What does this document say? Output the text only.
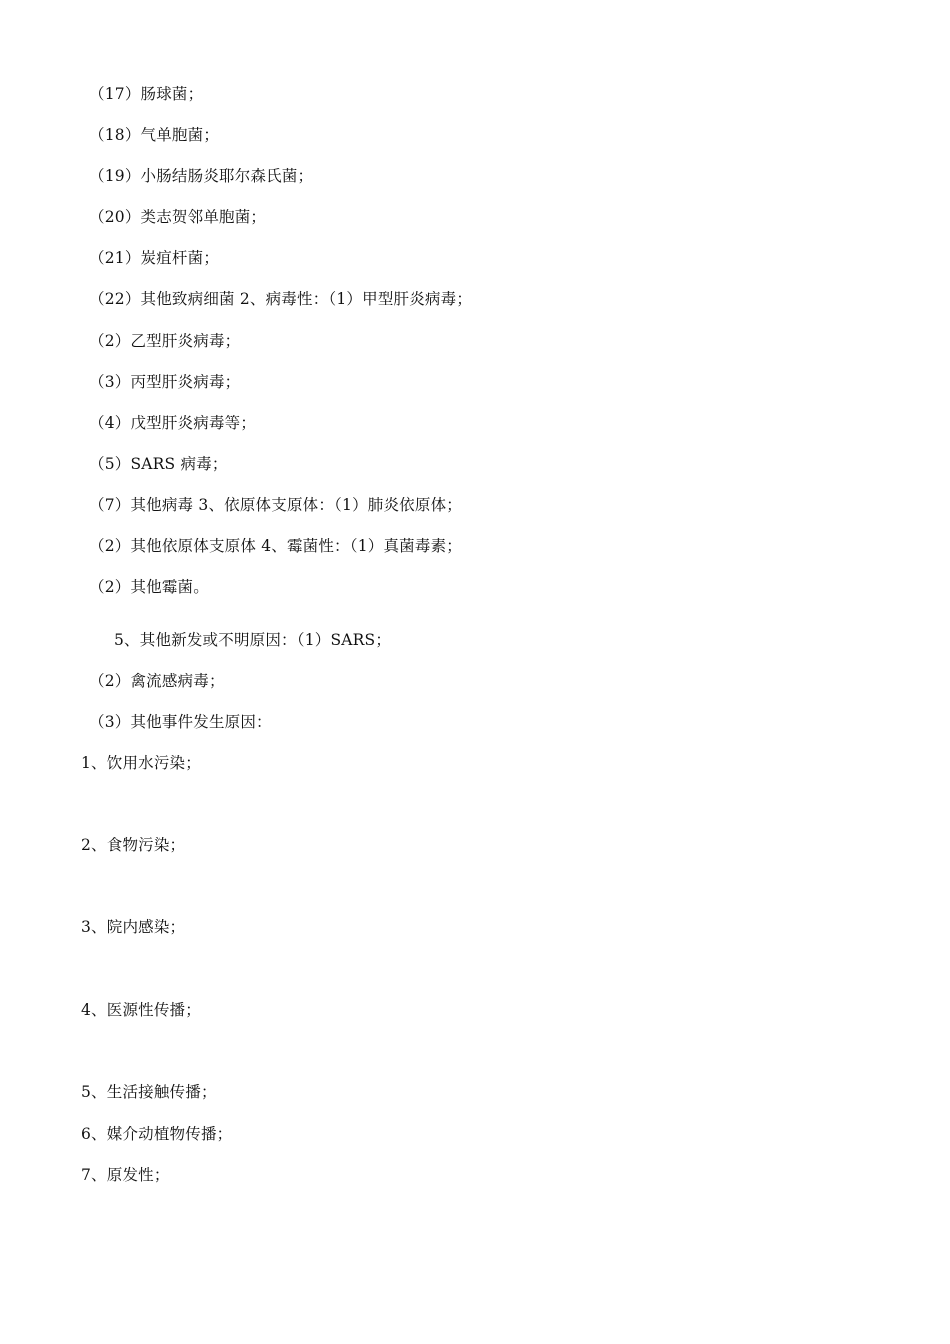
（17）肠球菌；
（18）气单胞菌；
（19）小肠结肠炎耶尔森氏菌；
（20）类志贺邻单胞菌；
（21）炭疽杆菌；
（22）其他致病细菌 2、病毒性：（1）甲型肝炎病毒；
（2）乙型肝炎病毒；
（3）丙型肝炎病毒；
（4）戊型肝炎病毒等；
（5）SARS 病毒；
（7）其他病毒 3、依原体支原体：（1）肺炎依原体；
（2）其他依原体支原体 4、霉菌性：（1）真菌毒素；
（2）其他霉菌。
5、其他新发或不明原因：（1）SARS；
（2）禽流感病毒；
（3）其他事件发生原因：
1、饮用水污染；
2、食物污染；
3、院内感染；
4、医源性传播；
5、生活接触传播；
6、媒介动植物传播；
7、原发性；
